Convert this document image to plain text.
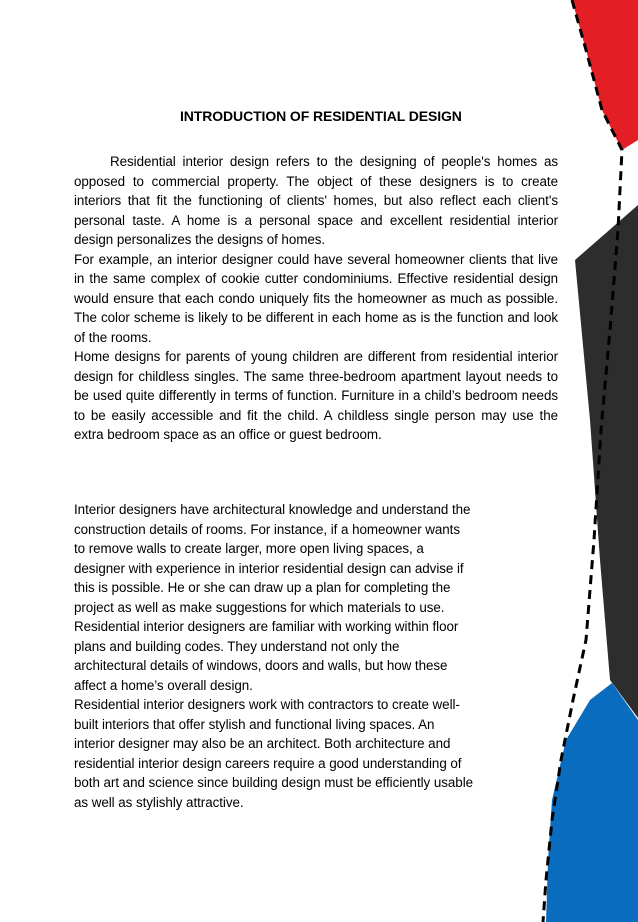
INTRODUCTION OF RESIDENTIAL DESIGN

Residential interior design refers to the designing of people's homes as opposed to commercial property. The object of these designers is to create interiors that fit the functioning of clients' homes, but also reflect each client's personal taste. A home is a personal space and excellent residential interior design personalizes the designs of homes.

For example, an interior designer could have several homeowner clients that live in the same complex of cookie cutter condominiums. Effective residential design would ensure that each condo uniquely fits the homeowner as much as possible. The color scheme is likely to be different in each home as is the function and look of the rooms.

Home designs for parents of young children are different from residential interior design for childless singles. The same three-bedroom apartment layout needs to be used quite differently in terms of function. Furniture in a child’s bedroom needs to be easily accessible and fit the child. A childless single person may use the extra bedroom space as an office or guest bedroom.

Interior designers have architectural knowledge and understand the
construction details of rooms. For instance, if a homeowner wants
to remove walls to create larger, more open living spaces, a
designer with experience in interior residential design can advise if
this is possible. He or she can draw up a plan for completing the
project as well as make suggestions for which materials to use.
Residential interior designers are familiar with working within floor
plans and building codes. They understand not only the
architectural details of windows, doors and walls, but how these
affect a home’s overall design.
Residential interior designers work with contractors to create well-
built interiors that offer stylish and functional living spaces. An
interior designer may also be an architect. Both architecture and
residential interior design careers require a good understanding of
both art and science since building design must be efficiently usable
as well as stylishly attractive.
